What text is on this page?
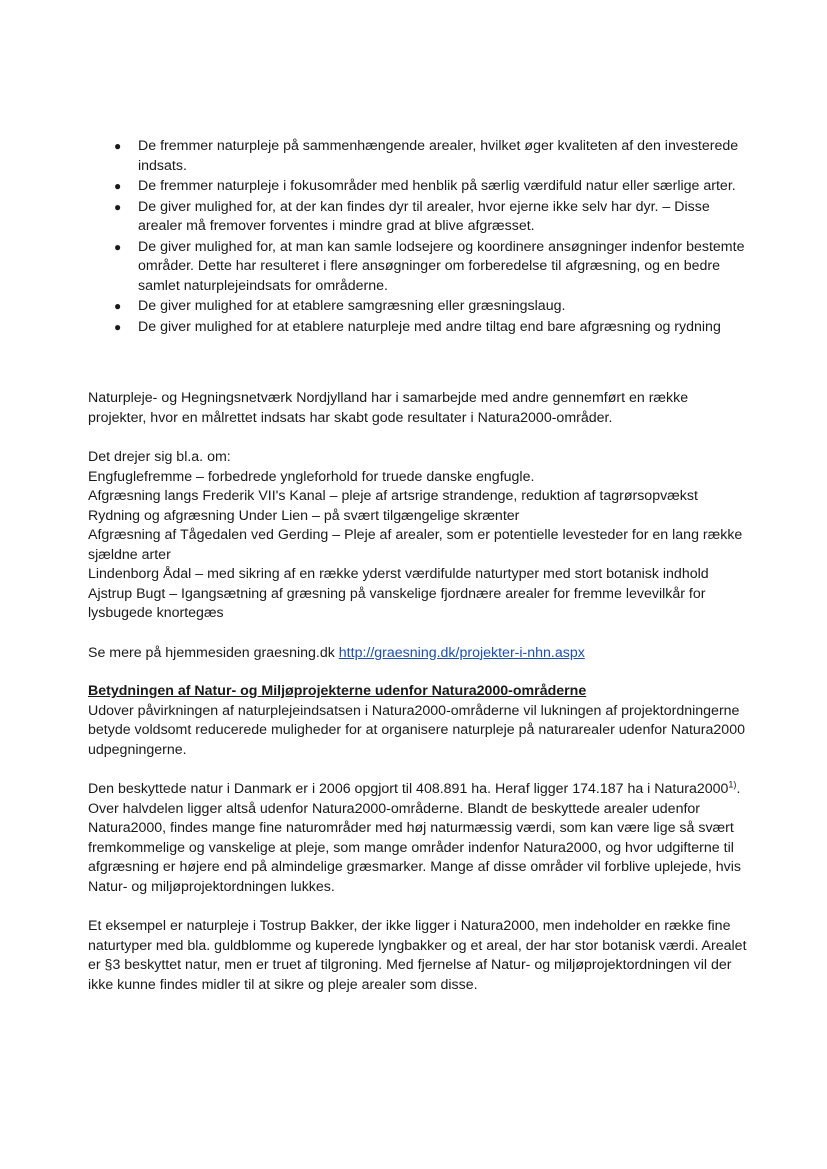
● De fremmer naturpleje på sammenhængende arealer, hvilket øger kvaliteten af den investerede indsats.
● De fremmer naturpleje i fokusområder med henblik på særlig værdifuld natur eller særlige arter.
● De giver mulighed for, at der kan findes dyr til arealer, hvor ejerne ikke selv har dyr. – Disse arealer må fremover forventes i mindre grad at blive afgræsset.
● De giver mulighed for, at man kan samle lodsejere og koordinere ansøgninger indenfor bestemte områder. Dette har resulteret i flere ansøgninger om forberedelse til afgræsning, og en bedre samlet naturplejeindsats for områderne.
● De giver mulighed for at etablere samgræsning eller græsningslaug.
● De giver mulighed for at etablere naturpleje med andre tiltag end bare afgræsning og rydning

Naturpleje- og Hegningsnetværk Nordjylland har i samarbejde med andre gennemført en række projekter, hvor en målrettet indsats har skabt gode resultater i Natura2000-områder.

Det drejer sig bl.a. om:

Engfuglefremme – forbedrede yngleforhold for truede danske engfugle.

Afgræsning langs Frederik VII's Kanal – pleje af artsrige strandenge, reduktion af tagrørsopvækst

Rydning og afgræsning Under Lien – på svært tilgængelige skrænter

Afgræsning af Tågedalen ved Gerding – Pleje af arealer, som er potentielle levesteder for en lang række sjældne arter

Lindenborg Ådal – med sikring af en række yderst værdifulde naturtyper med stort botanisk indhold

Ajstrup Bugt – Igangsætning af græsning på vanskelige fjordnære arealer for fremme levevilkår for lysbugede knortegæs

Se mere på hjemmesiden graesning.dk http://graesning.dk/projekter-i-nhn.aspx

Betydningen af Natur- og Miljøprojekterne udenfor Natura2000-områderne

Udover påvirkningen af naturplejeindsatsen i Natura2000-områderne vil lukningen af projektordningerne betyde voldsomt reducerede muligheder for at organisere naturpleje på naturarealer udenfor Natura2000 udpegningerne.

Den beskyttede natur i Danmark er i 2006 opgjort til 408.891 ha. Heraf ligger 174.187 ha i Natura2000$^{1)}$. Over halvdelen ligger altså udenfor Natura2000-områderne. Blandt de beskyttede arealer udenfor Natura2000, findes mange fine naturområder med høj naturmæssig værdi, som kan være lige så svært fremkommelige og vanskelige at pleje, som mange områder indenfor Natura2000, og hvor udgifterne til afgræsning er højere end på almindelige græsmarker. Mange af disse områder vil forblive uplejede, hvis Natur- og miljøprojektordningen lukkes.

Et eksempel er naturpleje i Tostrup Bakker, der ikke ligger i Natura2000, men indeholder en række fine naturtyper med bla. guldblomme og kuperede lyngbakker og et areal, der har stor botanisk værdi. Arealet er §3 beskyttet natur, men er truet af tilgroning. Med fjernelse af Natur- og miljøprojektordningen vil der ikke kunne findes midler til at sikre og pleje arealer som disse.
